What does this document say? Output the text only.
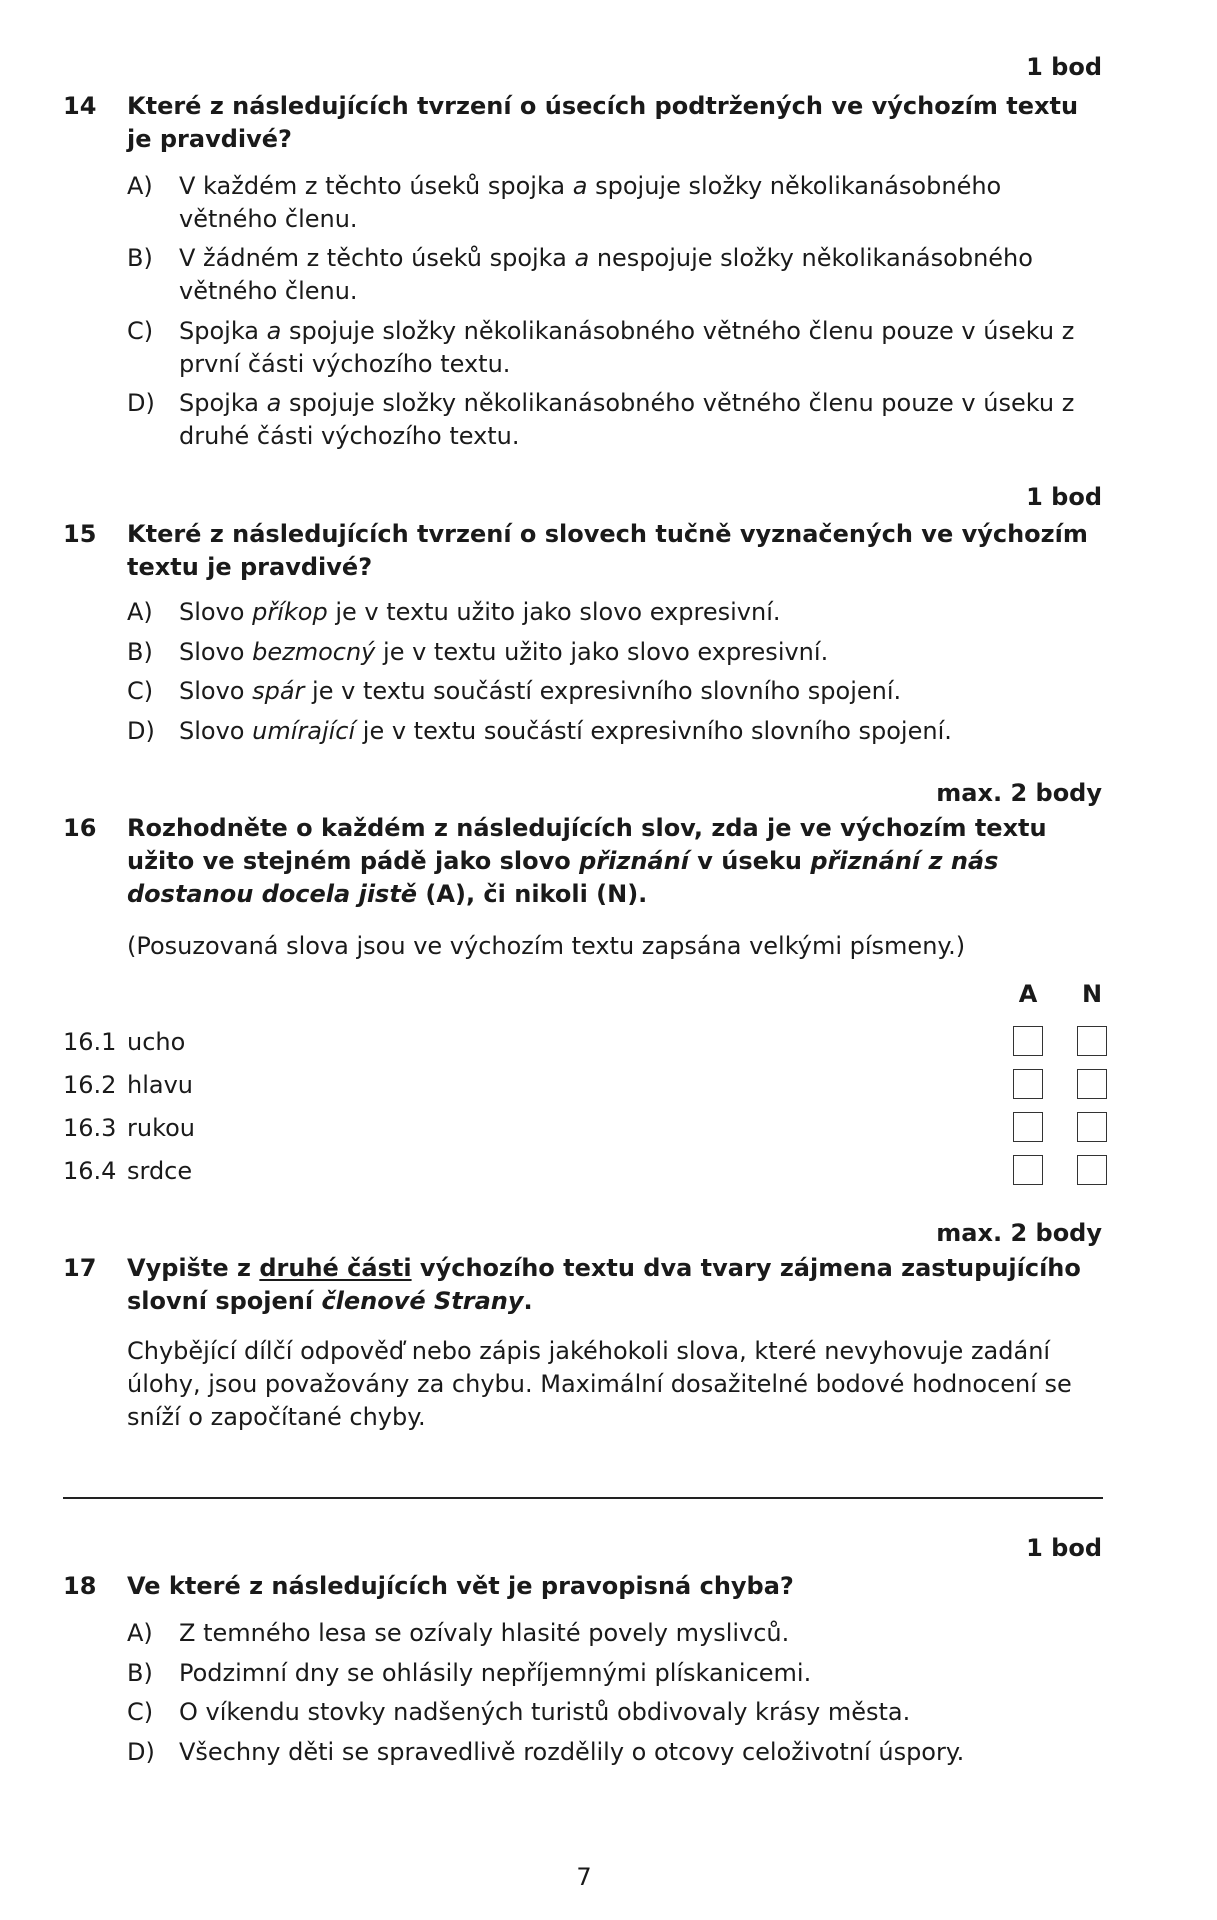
1 bod
14	Které z následujících tvrzení o úsecích podtržených ve výchozím textu je pravdivé?
A)	V každém z těchto úseků spojka a spojuje složky několikanásobného větného členu.
B)	V žádném z těchto úseků spojka a nespojuje složky několikanásobného větného členu.
C)	Spojka a spojuje složky několikanásobného větného členu pouze v úseku z první části výchozího textu.
D)	Spojka a spojuje složky několikanásobného větného členu pouze v úseku z druhé části výchozího textu.
1 bod
15	Které z následujících tvrzení o slovech tučně vyznačených ve výchozím textu je pravdivé?
A)	Slovo příkop je v textu užito jako slovo expresivní.
B)	Slovo bezmocný je v textu užito jako slovo expresivní.
C)	Slovo spár je v textu součástí expresivního slovního spojení.
D)	Slovo umírající je v textu součástí expresivního slovního spojení.
max. 2 body
16	Rozhodněte o každém z následujících slov, zda je ve výchozím textu užito ve stejném pádě jako slovo přiznání v úseku přiznání z nás dostanou docela jistě (A), či nikoli (N).
(Posuzovaná slova jsou ve výchozím textu zapsána velkými písmeny.)
A N
16.1 ucho
16.2 hlavu
16.3 rukou
16.4 srdce
max. 2 body
17	Vypište z druhé části výchozího textu dva tvary zájmena zastupujícího slovní spojení členové Strany.
Chybějící dílčí odpověď nebo zápis jakéhokoli slova, které nevyhovuje zadání úlohy, jsou považovány za chybu. Maximální dosažitelné bodové hodnocení se sníží o započítané chyby.
1 bod
18	Ve které z následujících vět je pravopisná chyba?
A)	Z temného lesa se ozívaly hlasité povely myslivců.
B)	Podzimní dny se ohlásily nepříjemnými plískanicemi.
C)	O víkendu stovky nadšených turistů obdivovaly krásy města.
D)	Všechny děti se spravedlivě rozdělily o otcovy celoživotní úspory.
7
